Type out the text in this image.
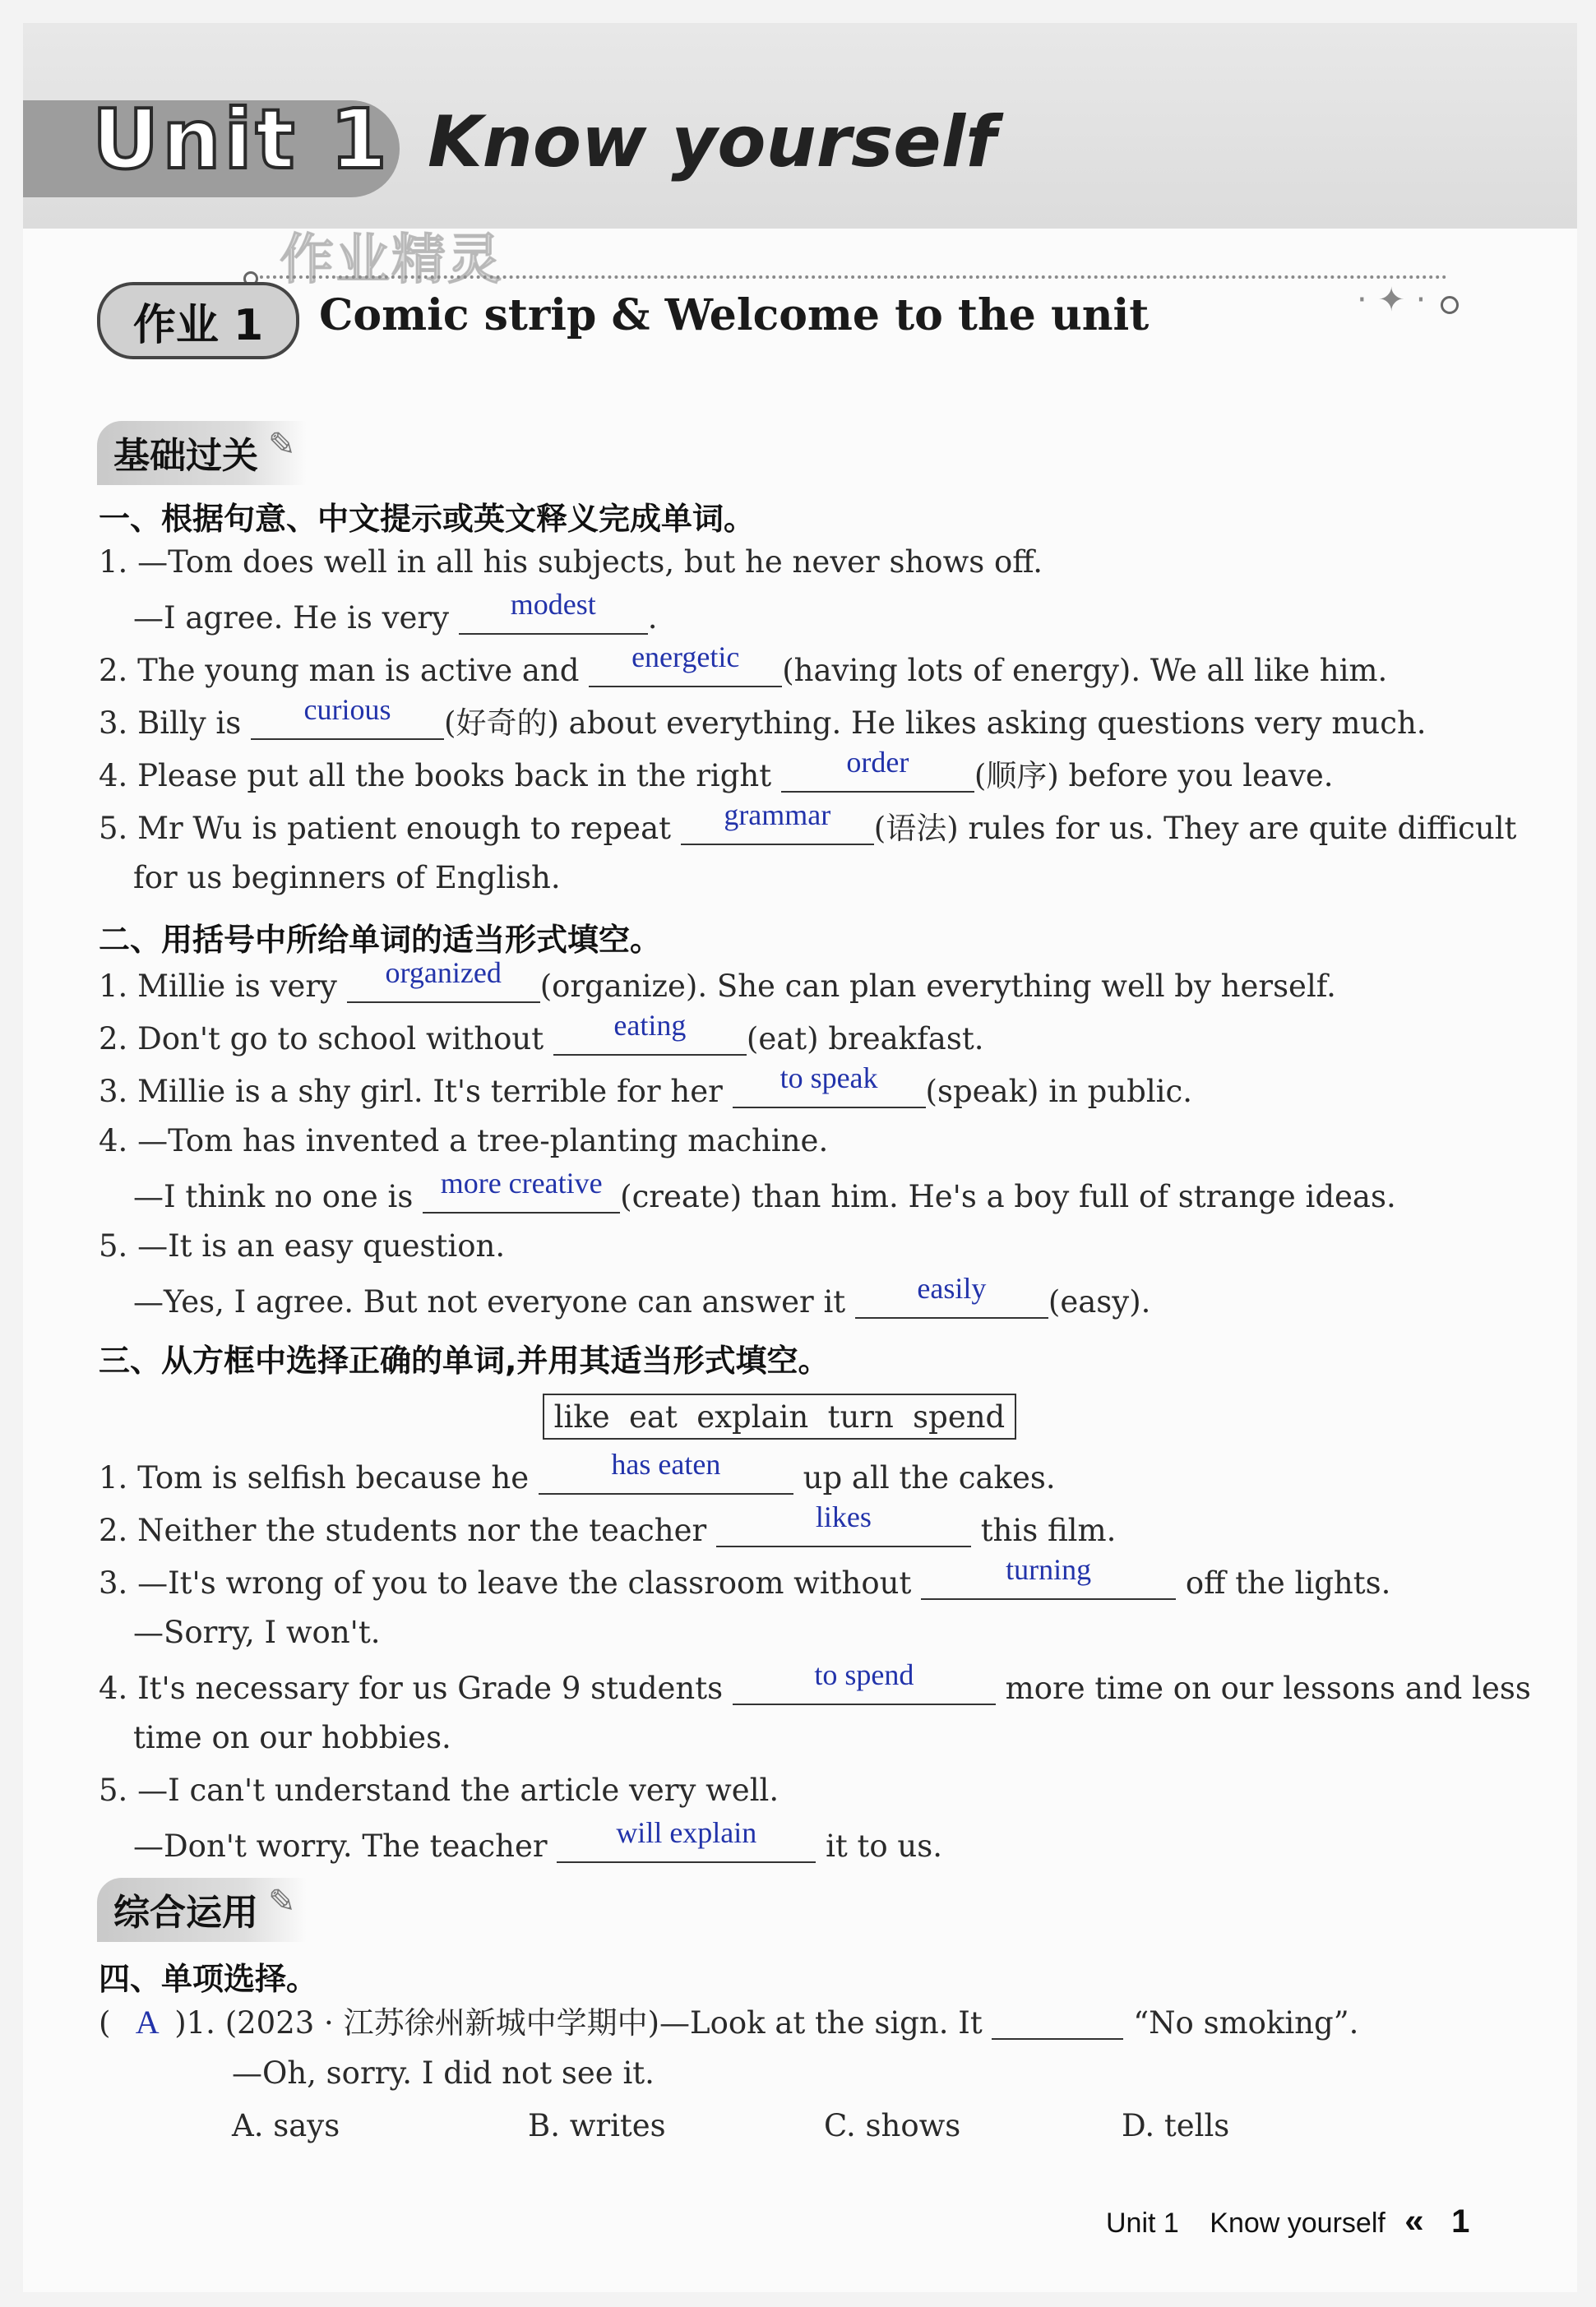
Unit 1 Know yourself
作业精灵
· ✦ ·
作业 1	Comic strip & Welcome to the unit
基础过关 ✎
一、根据句意、中文提示或英文释义完成单词。
1. —Tom does well in all his subjects, but he never shows off.
—I agree. He is very	modest	.
2. The young man is active and	energetic	(having lots of energy). We all like him.
3. Billy is	curious	(好奇的) about everything. He likes asking questions very much.
4. Please put all the books back in the right	order	(顺序) before you leave.
5. Mr Wu is patient enough to repeat	grammar	(语法) rules for us. They are quite difficult
for us beginners of English.
二、用括号中所给单词的适当形式填空。
1. Millie is very	organized	(organize). She can plan everything well by herself.
2. Don't go to school without	eating	(eat) breakfast.
3. Millie is a shy girl. It's terrible for her	to speak	(speak) in public.
4. —Tom has invented a tree-planting machine.
—I think no one is more creative (create) than him. He's a boy full of strange ideas.
5. —It is an easy question.
—Yes, I agree. But not everyone can answer it	easily	(easy).
三、从方框中选择正确的单词,并用其适当形式填空。
like eat explain turn spend
1. Tom is selfish because he	has eaten	up all the cakes.
2. Neither the students nor the teacher	likes	this film.
3. —It's wrong of you to leave the classroom without	turning	off the lights.
—Sorry, I won't.
4. It's necessary for us Grade 9 students	to spend	more time on our lessons and less
time on our hobbies.
5. —I can't understand the article very well.
—Don't worry. The teacher	will explain	it to us.
综合运用 ✎
四、单项选择。
( A )1. (2023 · 江苏徐州新城中学期中)—Look at the sign. It	“No smoking”.
—Oh, sorry. I did not see it.
A. says	B. writes	C. shows	D. tells
Unit 1 Know yourself « 1
